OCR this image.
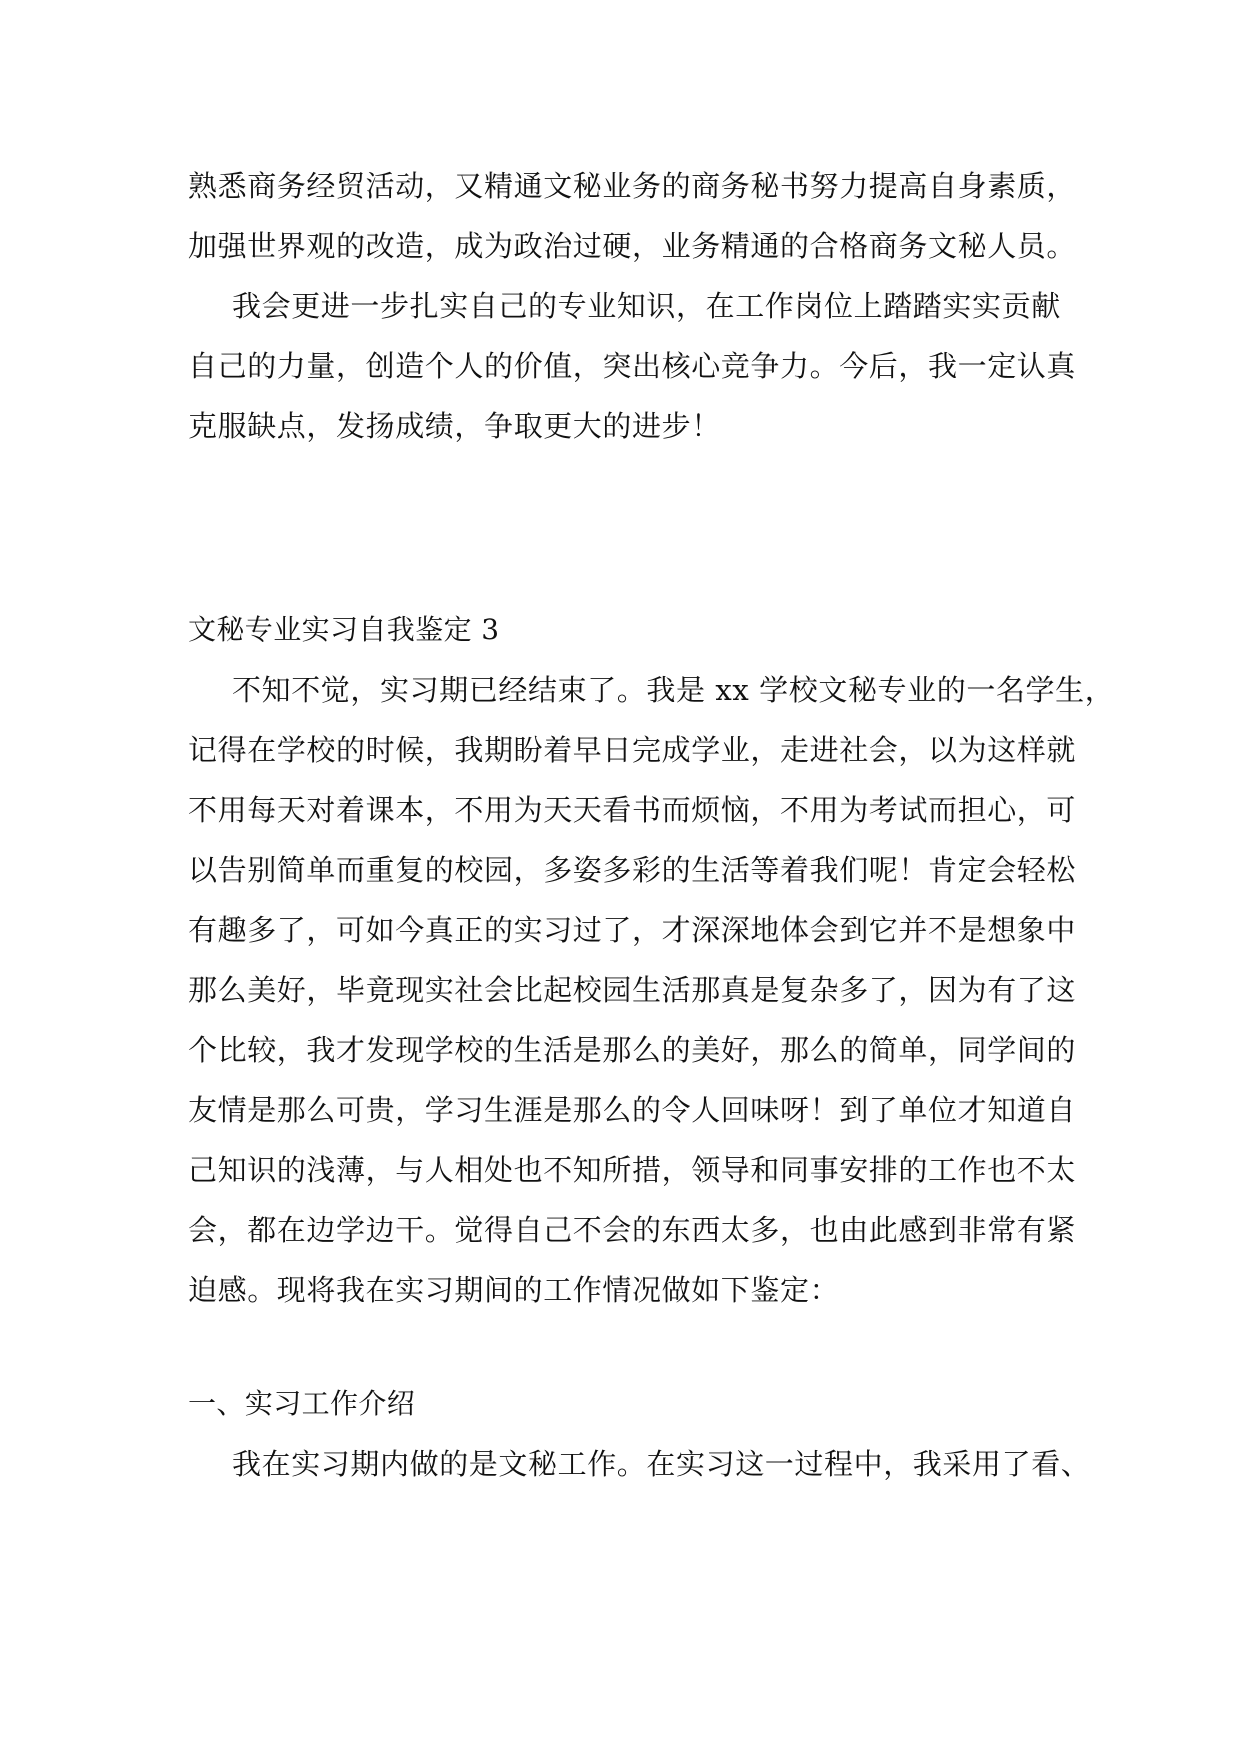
熟悉商务经贸活动，又精通文秘业务的商务秘书努力提高自身素质，

加强世界观的改造，成为政治过硬，业务精通的合格商务文秘人员。

我会更进一步扎实自己的专业知识，在工作岗位上踏踏实实贡献

自己的力量，创造个人的价值，突出核心竞争力。今后，我一定认真

克服缺点，发扬成绩，争取更大的进步！

文秘专业实习自我鉴定 3

不知不觉，实习期已经结束了。我是 xx 学校文秘专业的一名学生，

记得在学校的时候，我期盼着早日完成学业，走进社会，以为这样就

不用每天对着课本，不用为天天看书而烦恼，不用为考试而担心，可

以告别简单而重复的校园，多姿多彩的生活等着我们呢！肯定会轻松

有趣多了，可如今真正的实习过了，才深深地体会到它并不是想象中

那么美好，毕竟现实社会比起校园生活那真是复杂多了，因为有了这

个比较，我才发现学校的生活是那么的美好，那么的简单，同学间的

友情是那么可贵，学习生涯是那么的令人回味呀！到了单位才知道自

己知识的浅薄，与人相处也不知所措，领导和同事安排的工作也不太

会，都在边学边干。觉得自己不会的东西太多，也由此感到非常有紧

迫感。现将我在实习期间的工作情况做如下鉴定：

一、实习工作介绍

我在实习期内做的是文秘工作。在实习这一过程中，我采用了看、
